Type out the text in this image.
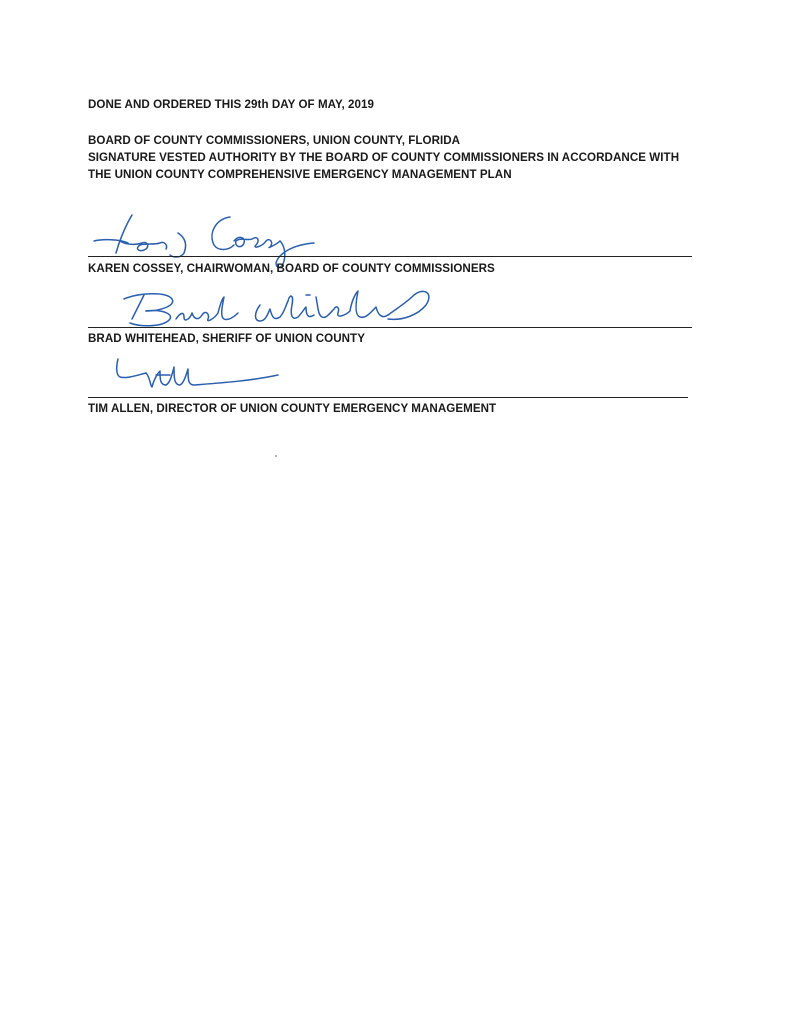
DONE AND ORDERED THIS 29th DAY OF MAY, 2019
BOARD OF COUNTY COMMISSIONERS, UNION COUNTY, FLORIDA
SIGNATURE VESTED AUTHORITY BY THE BOARD OF COUNTY COMMISSIONERS IN ACCORDANCE WITH
THE UNION COUNTY COMPREHENSIVE EMERGENCY MANAGEMENT PLAN
KAREN COSSEY, CHAIRWOMAN, BOARD OF COUNTY COMMISSIONERS
BRAD WHITEHEAD, SHERIFF OF UNION COUNTY
TIM ALLEN, DIRECTOR OF UNION COUNTY EMERGENCY MANAGEMENT
